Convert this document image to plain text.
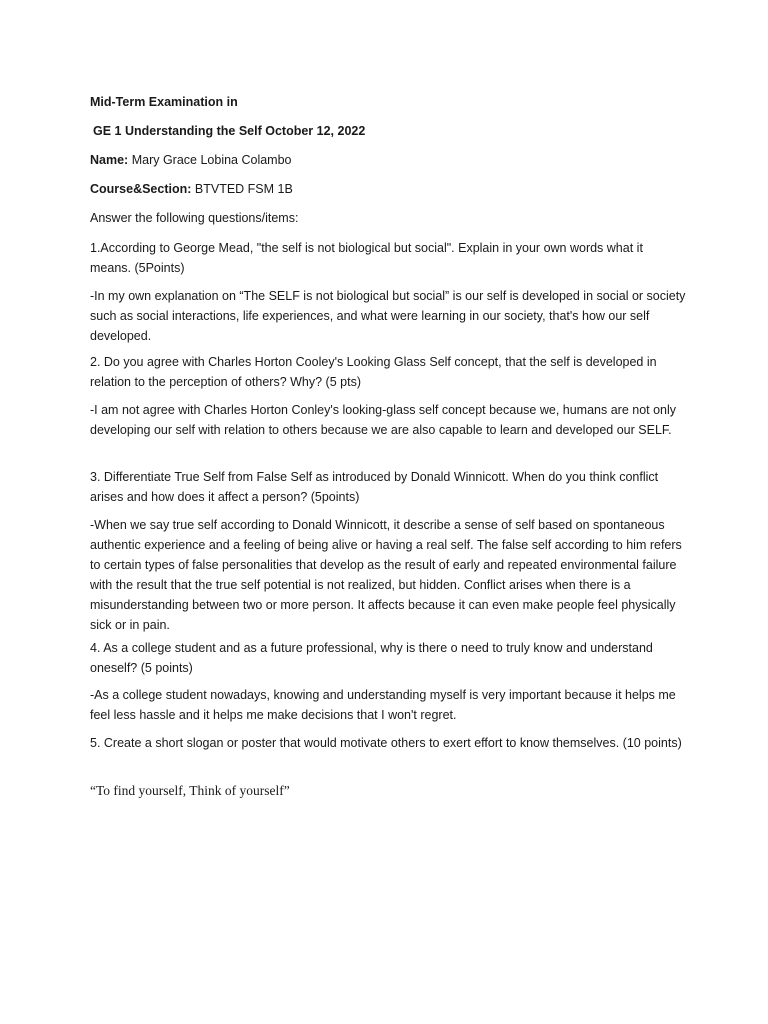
Mid-Term Examination in
GE 1 Understanding the Self October 12, 2022
Name: Mary Grace Lobina Colambo
Course&Section: BTVTED FSM 1B
Answer the following questions/items:
1.According to George Mead, "the self is not biological but social". Explain in your own words what it means. (5Points)
-In my own explanation on “The SELF is not biological but social” is our self is developed in social or society such as social interactions, life experiences, and what were learning in our society, that's how our self developed.
2. Do you agree with Charles Horton Cooley's Looking Glass Self concept, that the self is developed in relation to the perception of others? Why? (5 pts)
-I am not agree with Charles Horton Conley's looking-glass self concept because we, humans are not only developing our self with relation to others because we are also capable to learn and developed our SELF.
3. Differentiate True Self from False Self as introduced by Donald Winnicott. When do you think conflict arises and how does it affect a person? (5points)
-When we say true self according to Donald Winnicott, it describe a sense of self based on spontaneous authentic experience and a feeling of being alive or having a real self. The false self according to him refers to certain types of false personalities that develop as the result of early and repeated environmental failure with the result that the true self potential is not realized, but hidden. Conflict arises when there is a misunderstanding between two or more person. It affects because it can even make people feel physically sick or in pain.
4. As a college student and as a future professional, why is there o need to truly know and understand oneself? (5 points)
-As a college student nowadays, knowing and understanding myself is very important because it helps me feel less hassle and it helps me make decisions that I won't regret.
5. Create a short slogan or poster that would motivate others to exert effort to know themselves. (10 points)
“To find yourself, Think of yourself”
